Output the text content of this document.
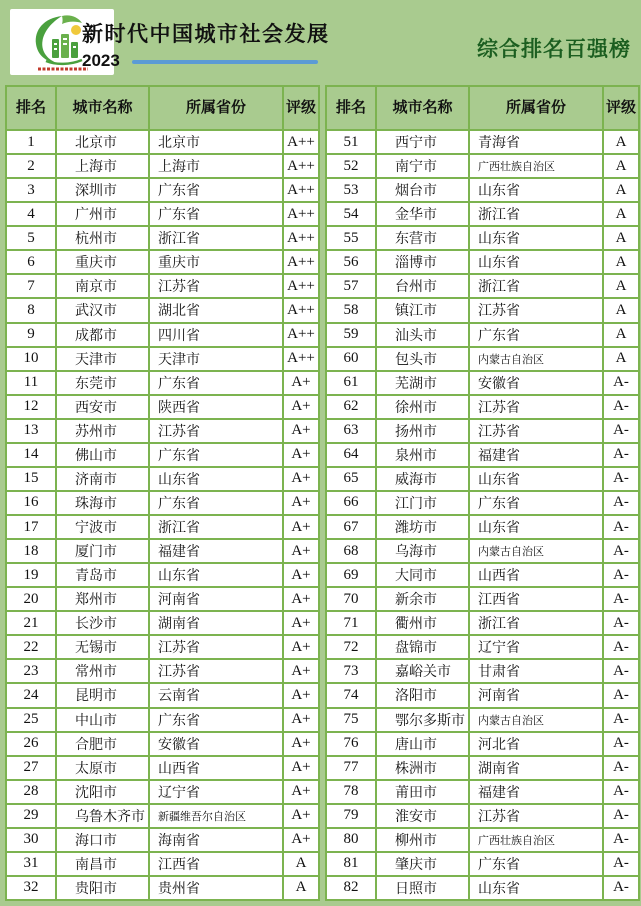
新时代中国城市社会发展
2023	综合排名百强榜
排名	城市名称	所属省份	评级
1	北京市	北京市	A++
2	上海市	上海市	A++
3	深圳市	广东省	A++
4	广州市	广东省	A++
5	杭州市	浙江省	A++
6	重庆市	重庆市	A++
7	南京市	江苏省	A++
8	武汉市	湖北省	A++
9	成都市	四川省	A++
10	天津市	天津市	A++
11	东莞市	广东省	A+
12	西安市	陕西省	A+
13	苏州市	江苏省	A+
14	佛山市	广东省	A+
15	济南市	山东省	A+
16	珠海市	广东省	A+
17	宁波市	浙江省	A+
18	厦门市	福建省	A+
19	青岛市	山东省	A+
20	郑州市	河南省	A+
21	长沙市	湖南省	A+
22	无锡市	江苏省	A+
23	常州市	江苏省	A+
24	昆明市	云南省	A+
25	中山市	广东省	A+
26	合肥市	安徽省	A+
27	太原市	山西省	A+
28	沈阳市	辽宁省	A+
29	乌鲁木齐市	新疆维吾尔自治区	A+
30	海口市	海南省	A+
31	南昌市	江西省	A
32	贵阳市	贵州省	A
排名	城市名称	所属省份	评级
51	西宁市	青海省	A
52	南宁市	广西壮族自治区	A
53	烟台市	山东省	A
54	金华市	浙江省	A
55	东营市	山东省	A
56	淄博市	山东省	A
57	台州市	浙江省	A
58	镇江市	江苏省	A
59	汕头市	广东省	A
60	包头市	内蒙古自治区	A
61	芜湖市	安徽省	A-
62	徐州市	江苏省	A-
63	扬州市	江苏省	A-
64	泉州市	福建省	A-
65	威海市	山东省	A-
66	江门市	广东省	A-
67	潍坊市	山东省	A-
68	乌海市	内蒙古自治区	A-
69	大同市	山西省	A-
70	新余市	江西省	A-
71	衢州市	浙江省	A-
72	盘锦市	辽宁省	A-
73	嘉峪关市	甘肃省	A-
74	洛阳市	河南省	A-
75	鄂尔多斯市	内蒙古自治区	A-
76	唐山市	河北省	A-
77	株洲市	湖南省	A-
78	莆田市	福建省	A-
79	淮安市	江苏省	A-
80	柳州市	广西壮族自治区	A-
81	肇庆市	广东省	A-
82	日照市	山东省	A-
